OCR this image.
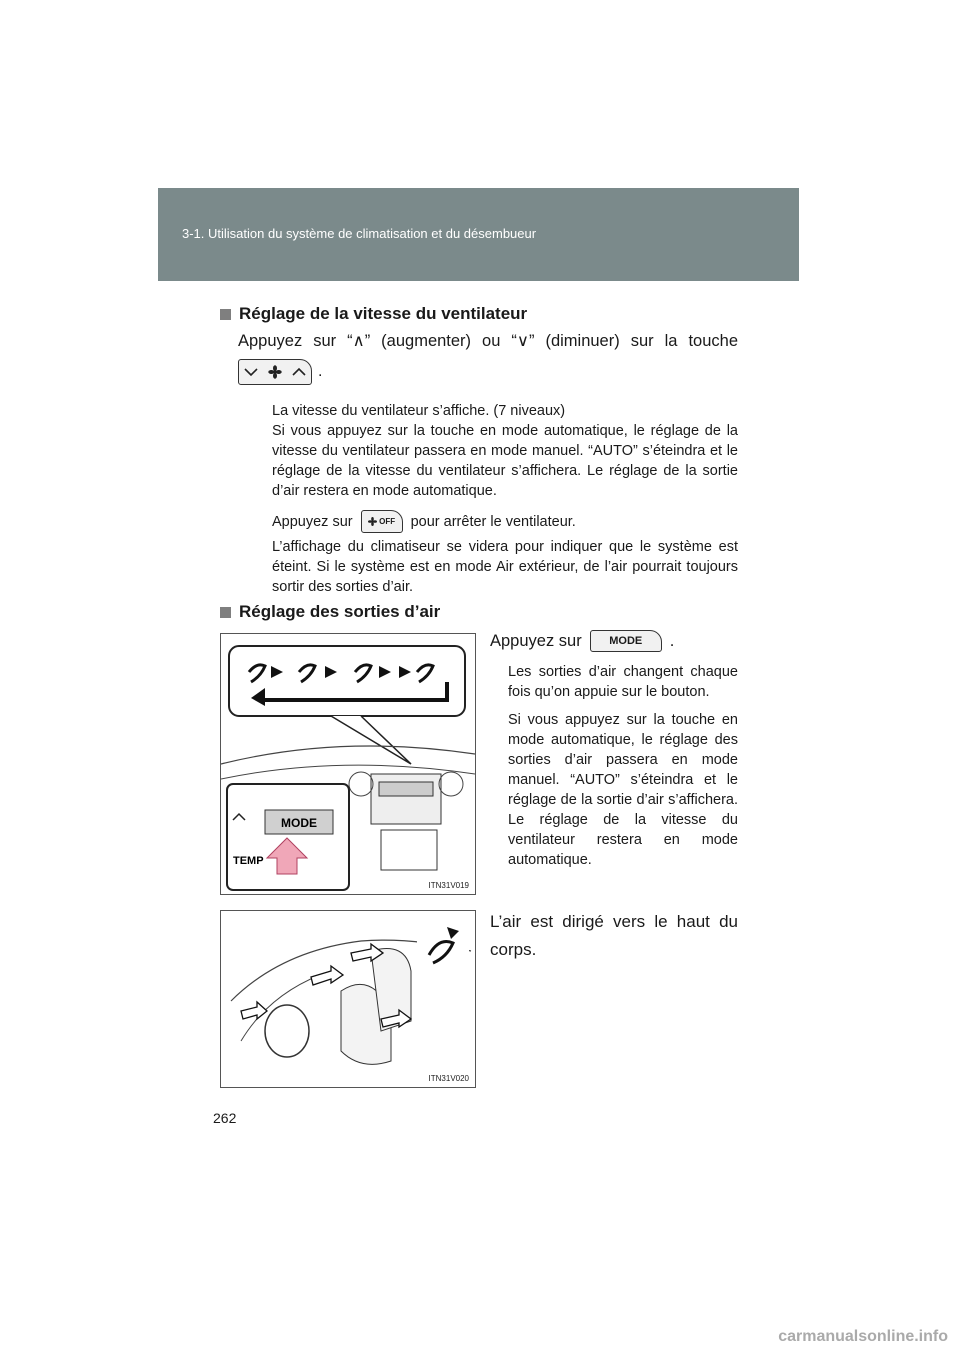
3-1. Utilisation du système de climatisation et du désembueur
Réglage de la vitesse du ventilateur
Appuyez sur “∧” (augmenter) ou “∨” (diminuer) sur la touche
.
La vitesse du ventilateur s’affiche. (7 niveaux)
Si vous appuyez sur la touche en mode automatique, le réglage de la vitesse du ventilateur passera en mode manuel. “AUTO” s’éteindra et le réglage de la vitesse du ventilateur s’affichera. Le réglage de la sortie d’air restera en mode automatique.
Appuyez sur	OFF pour arrêter le ventilateur.
L’affichage du climatiseur se videra pour indiquer que le système est éteint. Si le système est en mode Air extérieur, de l’air pourrait toujours sortir des sorties d’air.
Réglage des sorties d’air
Appuyez sur	MODE .
Les sorties d’air changent chaque fois qu’on appuie sur le bouton.
Si vous appuyez sur la touche en mode automatique, le réglage des sorties d’air passera en mode manuel. “AUTO” s’éteindra et le réglage de la sortie d’air s’affichera. Le réglage de la vitesse du ventilateur restera en mode automatique.
L’air est dirigé vers le haut du corps.
MODE
TEMP
ITN31V019
ITN31V020
262
carmanualsonline.info
